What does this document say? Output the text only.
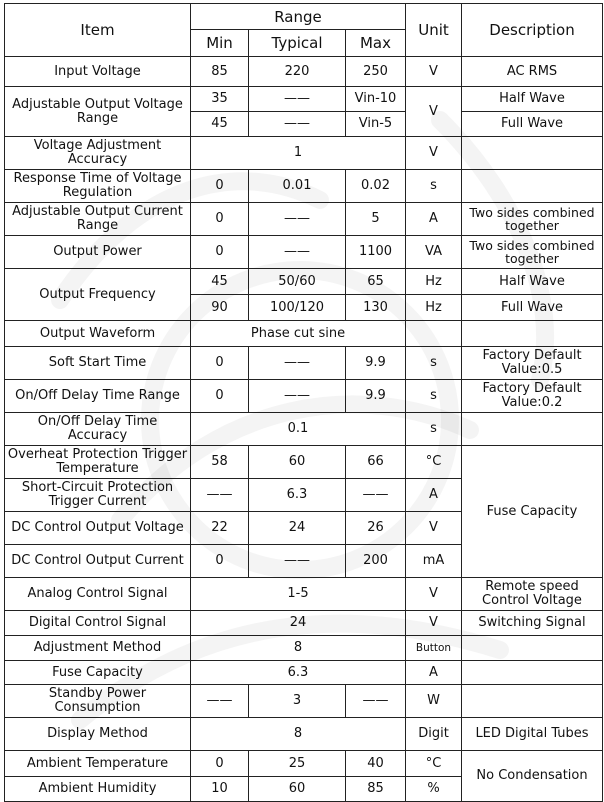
Item	Range			Unit	Description
	Min	Typical	Max		
Input Voltage	85	220	250	V	AC RMS
Adjustable Output Voltage Range	35	——	Vin-10	V	Half Wave
	45	——	Vin-5		Full Wave
Voltage Adjustment Accuracy	1			V	
Response Time of Voltage Regulation	0	0.01	0.02	s	
Adjustable Output Current Range	0	——	5	A	Two sides combined together
Output Power	0	——	1100	VA	Two sides combined together
Output Frequency	45	50/60	65	Hz	Half Wave
	90	100/120	130	Hz	Full Wave
Output Waveform	Phase cut sine				
Soft Start Time	0	——	9.9	s	Factory Default Value:0.5
On/Off Delay Time Range	0	——	9.9	s	Factory Default Value:0.2
On/Off Delay Time Accuracy	0.1			s	
Overheat Protection Trigger Temperature	58	60	66	°C	Fuse Capacity
Short-Circuit Protection Trigger Current	——	6.3	——	A	
DC Control Output Voltage	22	24	26	V	
DC Control Output Current	0	——	200	mA	
Analog Control Signal	1-5			V	Remote speed Control Voltage
Digital Control Signal	24			V	Switching Signal
Adjustment Method	8			Button	
Fuse Capacity	6.3			A	
Standby Power Consumption	——	3	——	W	
Display Method	8			Digit	LED Digital Tubes
Ambient Temperature	0	25	40	°C	No Condensation
Ambient Humidity	10	60	85	%	
